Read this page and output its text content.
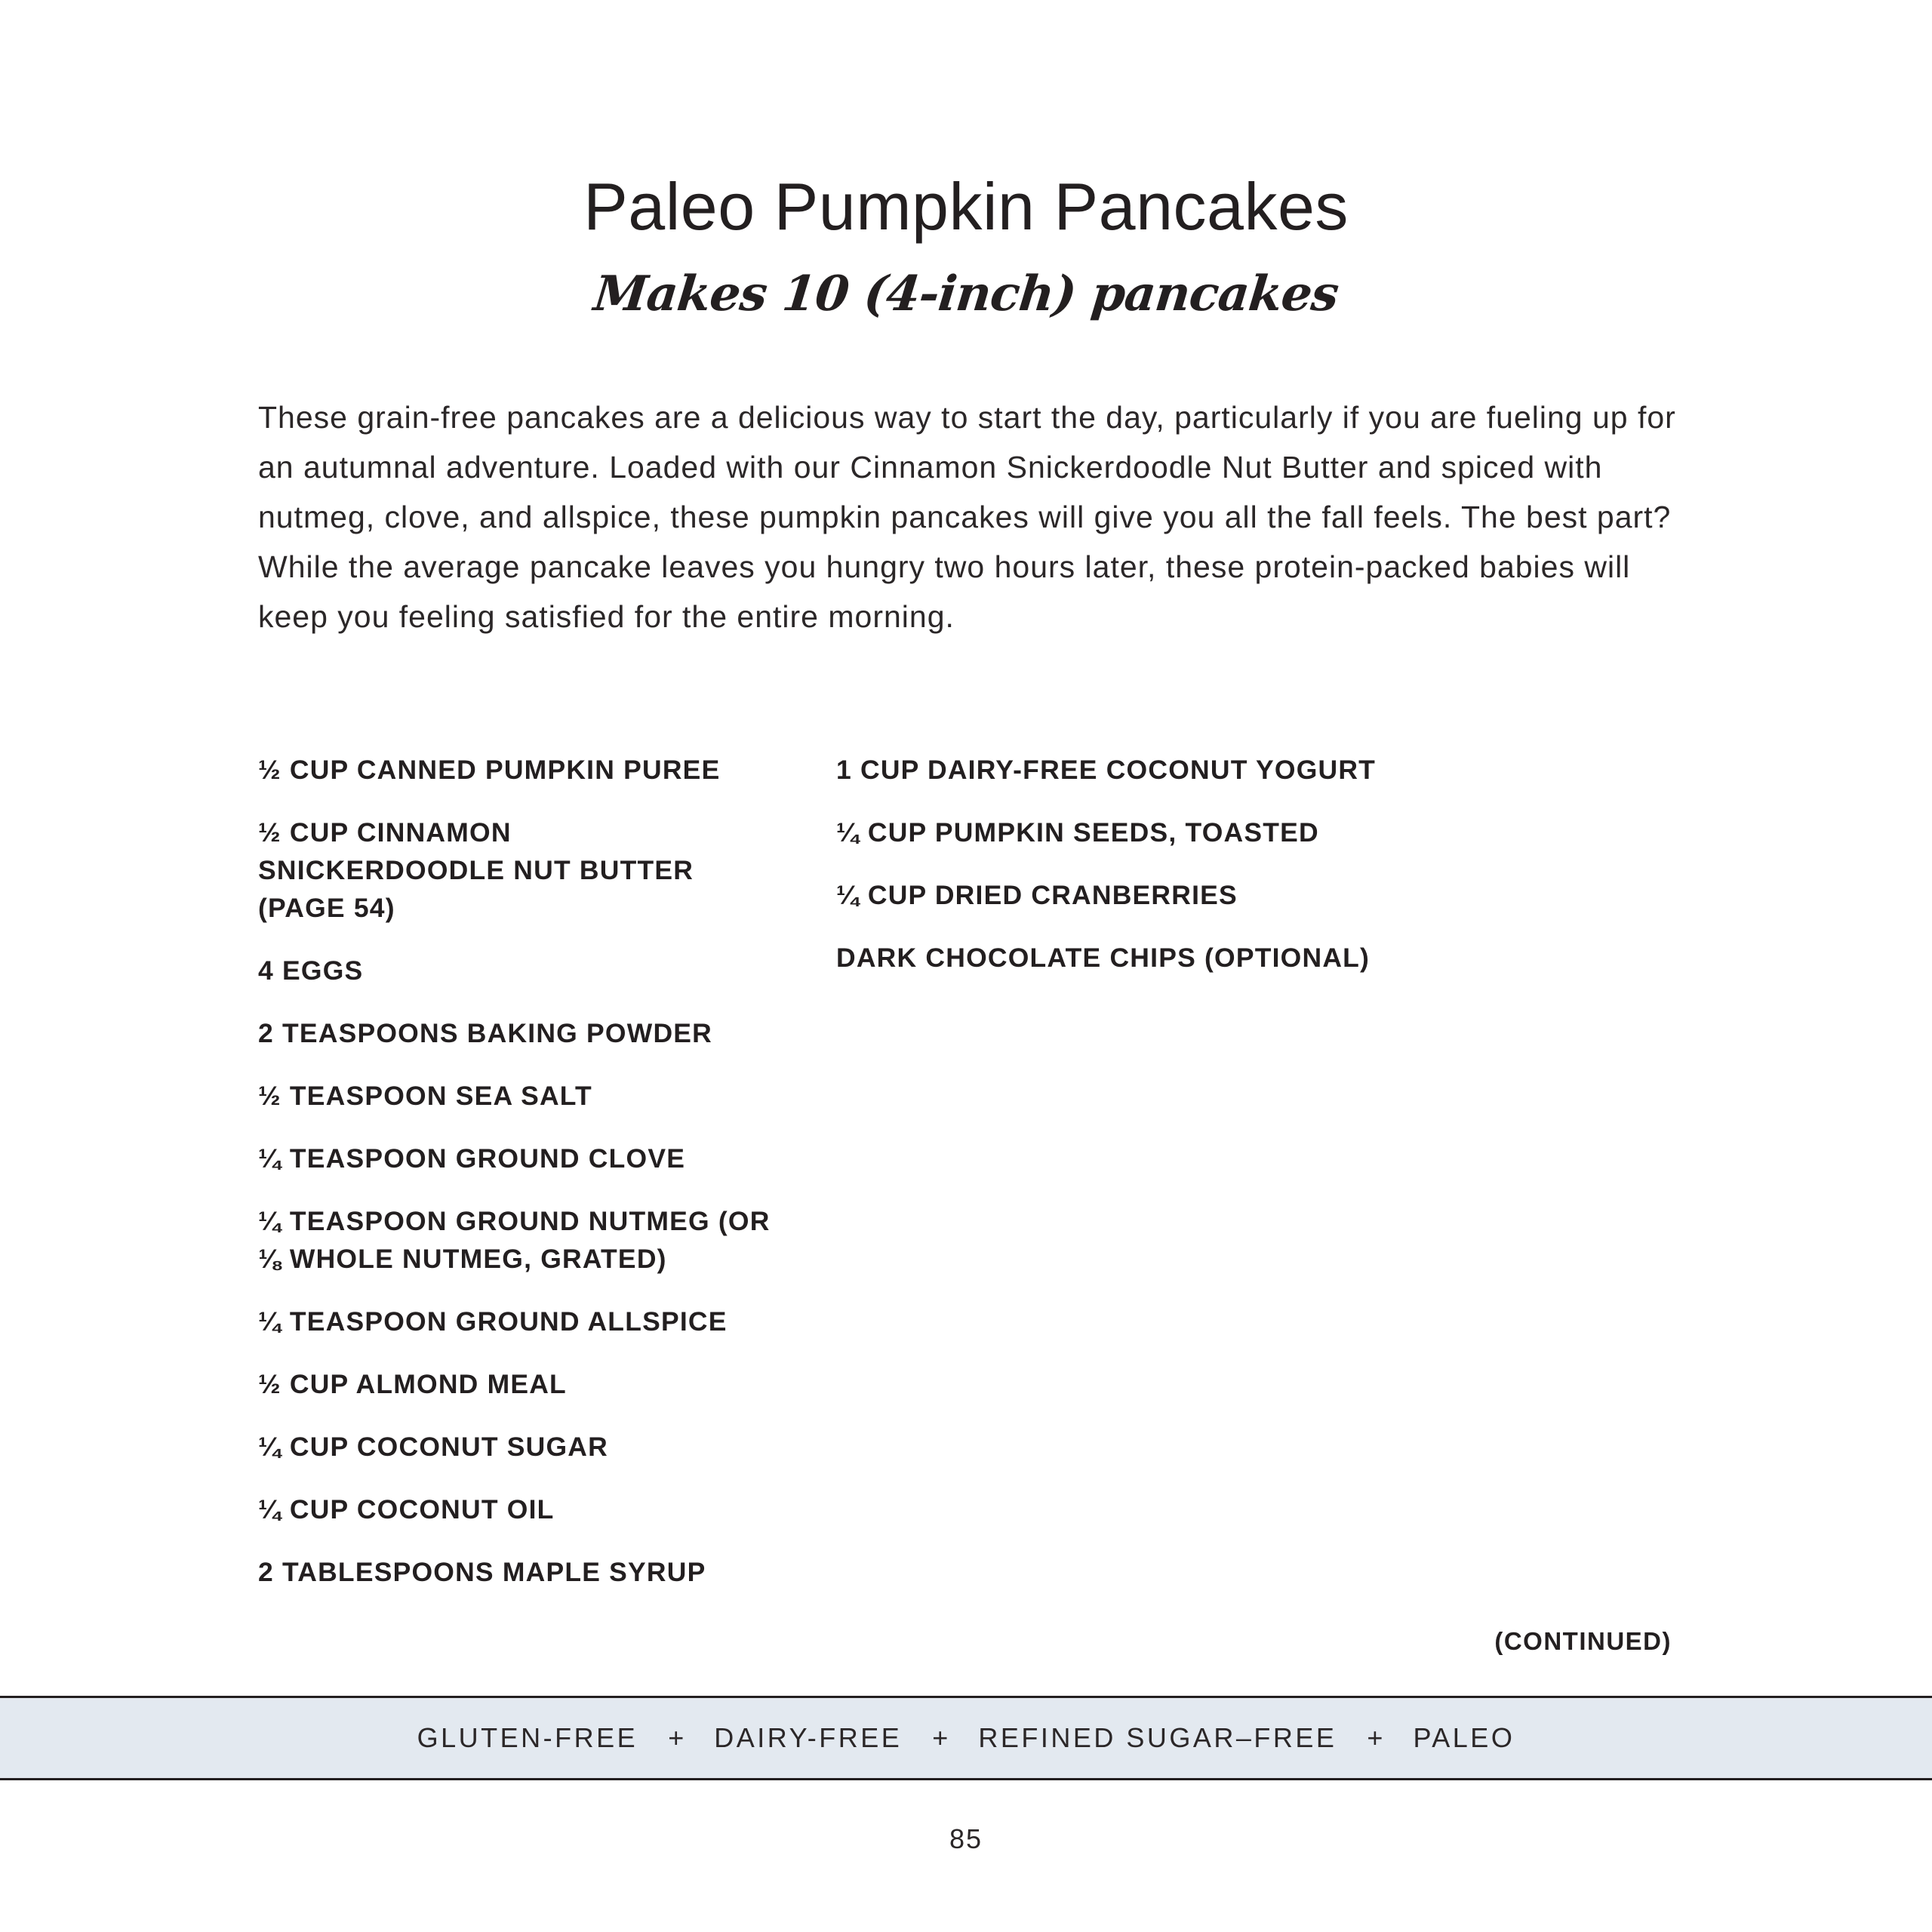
Paleo Pumpkin Pancakes
Makes 10 (4-inch) pancakes

These grain-free pancakes are a delicious way to start the day, particularly if you are fueling up for an autumnal adventure. Loaded with our Cinnamon Snickerdoodle Nut Butter and spiced with nutmeg, clove, and allspice, these pumpkin pancakes will give you all the fall feels. The best part? While the average pancake leaves you hungry two hours later, these protein-packed babies will keep you feeling satisfied for the entire morning.

½ CUP CANNED PUMPKIN PUREE
½ CUP CINNAMON SNICKERDOODLE NUT BUTTER (PAGE 54)
4 EGGS
2 TEASPOONS BAKING POWDER
½ TEASPOON SEA SALT
¼ TEASPOON GROUND CLOVE
¼ TEASPOON GROUND NUTMEG (OR ⅛ WHOLE NUTMEG, GRATED)
¼ TEASPOON GROUND ALLSPICE
½ CUP ALMOND MEAL
¼ CUP COCONUT SUGAR
¼ CUP COCONUT OIL
2 TABLESPOONS MAPLE SYRUP
1 CUP DAIRY-FREE COCONUT YOGURT
¼ CUP PUMPKIN SEEDS, TOASTED
¼ CUP DRIED CRANBERRIES
DARK CHOCOLATE CHIPS (OPTIONAL)
(CONTINUED)
GLUTEN-FREE + DAIRY-FREE + REFINED SUGAR–FREE + PALEO
85
